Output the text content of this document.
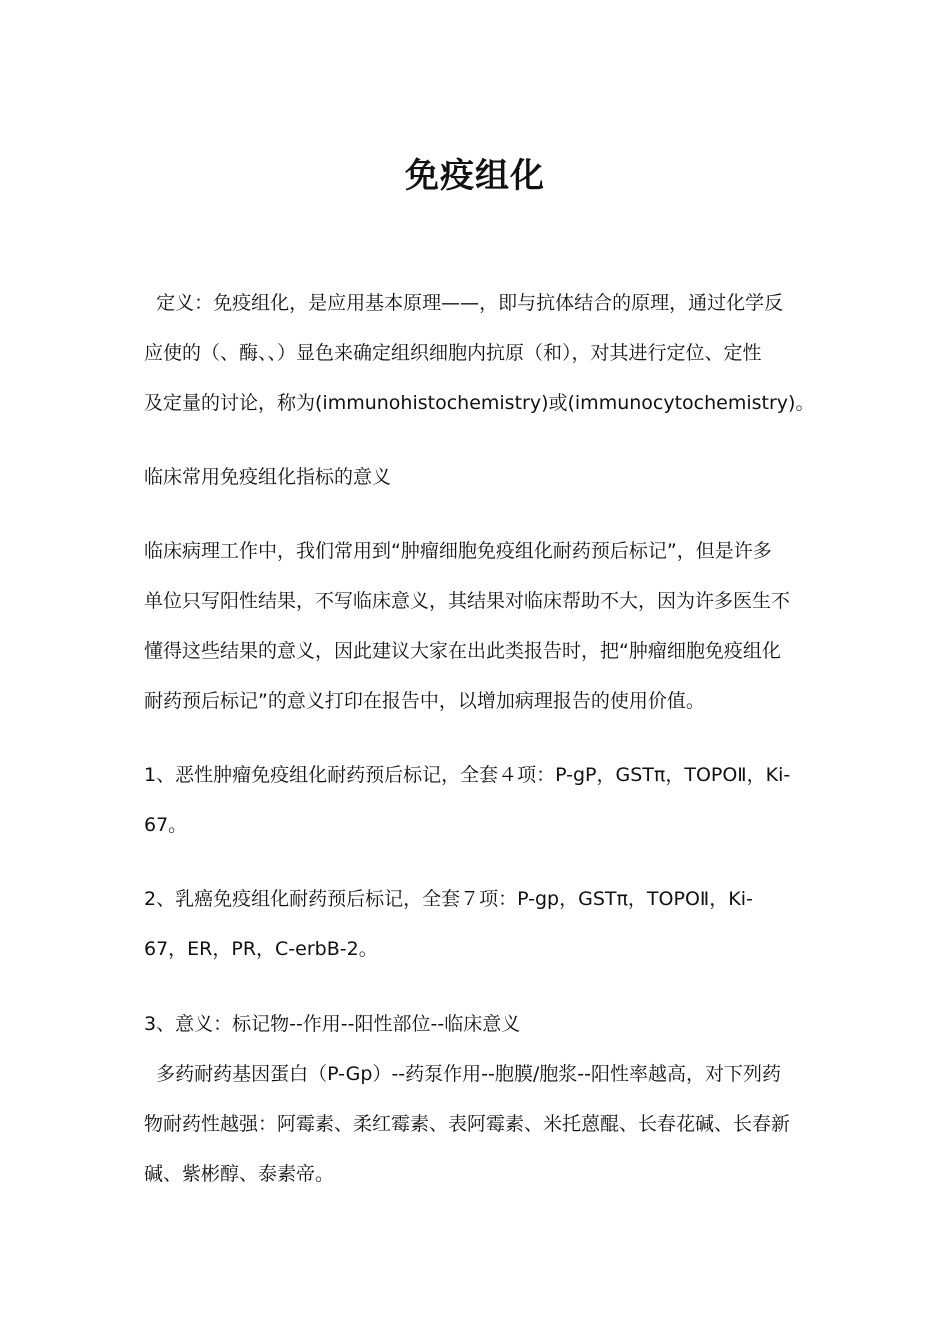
免疫组化
定义：免疫组化，是应用基本原理——，即与抗体结合的原理，通过化学反
应使的（、酶、、）显色来确定组织细胞内抗原（和），对其进行定位、定性
及定量的讨论，称为(immunohistochemistry)或(immunocytochemistry)。
临床常用免疫组化指标的意义
临床病理工作中，我们常用到“肿瘤细胞免疫组化耐药预后标记”，但是许多
单位只写阳性结果，不写临床意义，其结果对临床帮助不大，因为许多医生不
懂得这些结果的意义，因此建议大家在出此类报告时，把“肿瘤细胞免疫组化
耐药预后标记”的意义打印在报告中，以增加病理报告的使用价值。
1、恶性肿瘤免疫组化耐药预后标记，全套４项：P-gP，GSTπ，TOPOⅡ，Ki-
67。
2、乳癌免疫组化耐药预后标记，全套７项：P-gp，GSTπ，TOPOⅡ，Ki-
67，ER，PR，C-erbB-2。
3、意义：标记物--作用--阳性部位--临床意义
多药耐药基因蛋白（P-Gp）--药泵作用--胞膜/胞浆--阳性率越高，对下列药
物耐药性越强：阿霉素、柔红霉素、表阿霉素、米托蒽醌、长春花碱、长春新
碱、紫彬醇、泰素帝。
